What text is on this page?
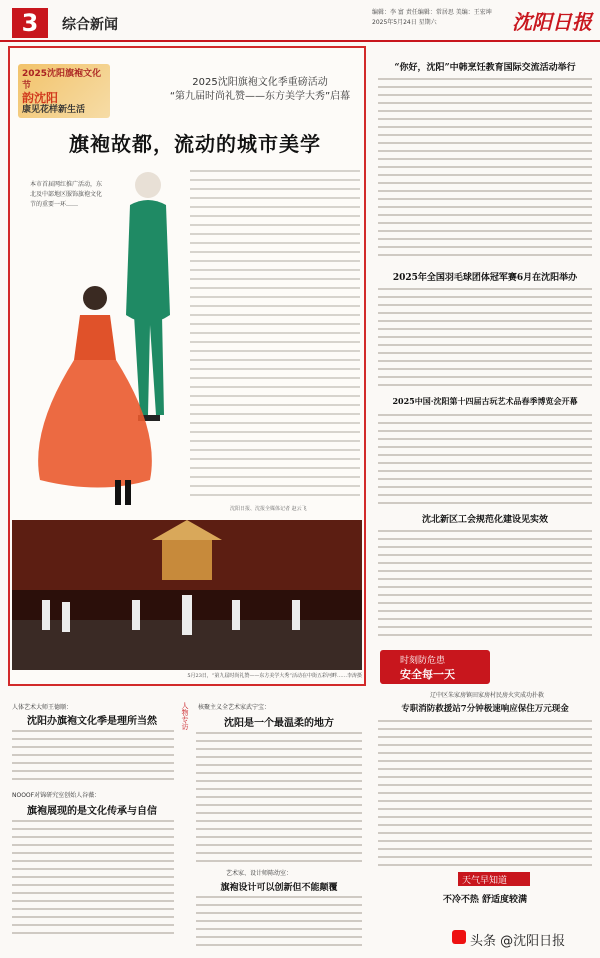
3	综合新闻
编辑：李 富 责任编辑：常居思 美编：王宏坤
2025年5月24日 星期六	沈阳日报
2025沈阳旗袍文化节
韵沈阳
康见花样新生活
2025沈阳旗袍文化季重磅活动
“第九届时尚礼赞——东方美学大秀”启幕
旗袍故都，流动的城市美学
本市首届网红推广活动，东北及中部地区服饰旗袍文化节的重要一环……
5月23日，“第九届时尚礼赞——东方美学大秀”活动在中街五彩河畔……李涛摄
沈阳日报、沈报全媒体记者 赵云飞
人体艺术大师王德顺：
沈阳办旗袍文化季是理所当然
NOOOF对锦研究室创始人谷薇：
旗袍展现的是文化传承与自信
人物专访 核聚主义全艺术家武宁宝：
沈阳是一个最温柔的地方
艺术家、设计师陈幼室：
旗袍设计可以创新但不能颠覆
“你好，沈阳”中韩烹饪教育国际交流活动举行
2025年全国羽毛球团体冠军赛6月在沈阳举办
2025中国·沈阳第十四届古玩艺术品春季博览会开幕
沈北新区工会规范化建设见实效
时刻防危患
安全每一天
辽中区朱家房镇田家房村民房火灾成功扑救
专职消防救援站7分钟极速响应保住万元现金
天气早知道
不冷不热 舒适度较满
头条 @沈阳日报
